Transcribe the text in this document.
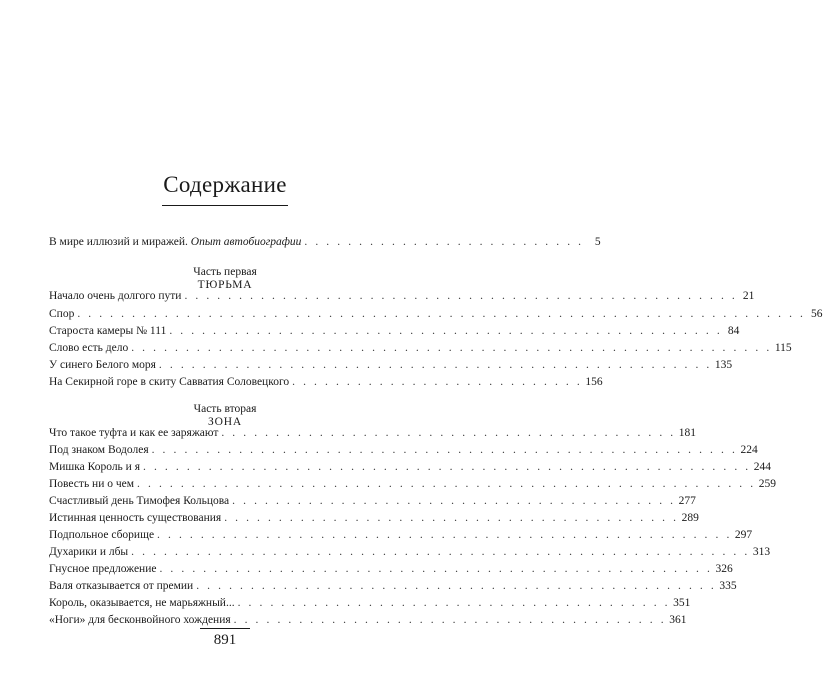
Содержание
В мире иллюзий и миражей. Опыт автобиографии . . . . . . . . . . . . . . . . . . . . . . . . . . 5
Часть первая
ТЮРЬМА
Начало очень долгого пути . . . . . . . . . . . . . . . . . . . . . . . . . . . . . . . . . . . . . . . . . . . . . . . . . . . 21
Спор . . . . . . . . . . . . . . . . . . . . . . . . . . . . . . . . . . . . . . . . . . . . . . . . . . . . . . . . . . . . . . . . . . . 56
Староста камеры № 111 . . . . . . . . . . . . . . . . . . . . . . . . . . . . . . . . . . . . . . . . . . . . . . . . . . . 84
Слово есть дело . . . . . . . . . . . . . . . . . . . . . . . . . . . . . . . . . . . . . . . . . . . . . . . . . . . . . . . . . . . 115
У синего Белого моря . . . . . . . . . . . . . . . . . . . . . . . . . . . . . . . . . . . . . . . . . . . . . . . . . . . 135
На Секирной горе в скиту Савватия Соловецкого . . . . . . . . . . . . . . . . . . . . . . . . . . . 156
Часть вторая
ЗОНА
Что такое туфта и как ее заряжают . . . . . . . . . . . . . . . . . . . . . . . . . . . . . . . . . . . . . . . . . . 181
Под знаком Водолея . . . . . . . . . . . . . . . . . . . . . . . . . . . . . . . . . . . . . . . . . . . . . . . . . . . . . . 224
Мишка Король и я . . . . . . . . . . . . . . . . . . . . . . . . . . . . . . . . . . . . . . . . . . . . . . . . . . . . . . . . 244
Повесть ни о чем . . . . . . . . . . . . . . . . . . . . . . . . . . . . . . . . . . . . . . . . . . . . . . . . . . . . . . . . . 259
Счастливый день Тимофея Кольцова . . . . . . . . . . . . . . . . . . . . . . . . . . . . . . . . . . . . . . . . . 277
Истинная ценность существования . . . . . . . . . . . . . . . . . . . . . . . . . . . . . . . . . . . . . . . . . . 289
Подпольное сборище . . . . . . . . . . . . . . . . . . . . . . . . . . . . . . . . . . . . . . . . . . . . . . . . . . . . . 297
Духарики и лбы . . . . . . . . . . . . . . . . . . . . . . . . . . . . . . . . . . . . . . . . . . . . . . . . . . . . . . . . . 313
Гнусное предложение . . . . . . . . . . . . . . . . . . . . . . . . . . . . . . . . . . . . . . . . . . . . . . . . . . . 326
Валя отказывается от премии . . . . . . . . . . . . . . . . . . . . . . . . . . . . . . . . . . . . . . . . . . . . . . . . 335
Король, оказывается, не марьяжный... . . . . . . . . . . . . . . . . . . . . . . . . . . . . . . . . . . . . . . . . 351
«Ноги» для бесконвойного хождения . . . . . . . . . . . . . . . . . . . . . . . . . . . . . . . . . . . . . . . . 361
891
